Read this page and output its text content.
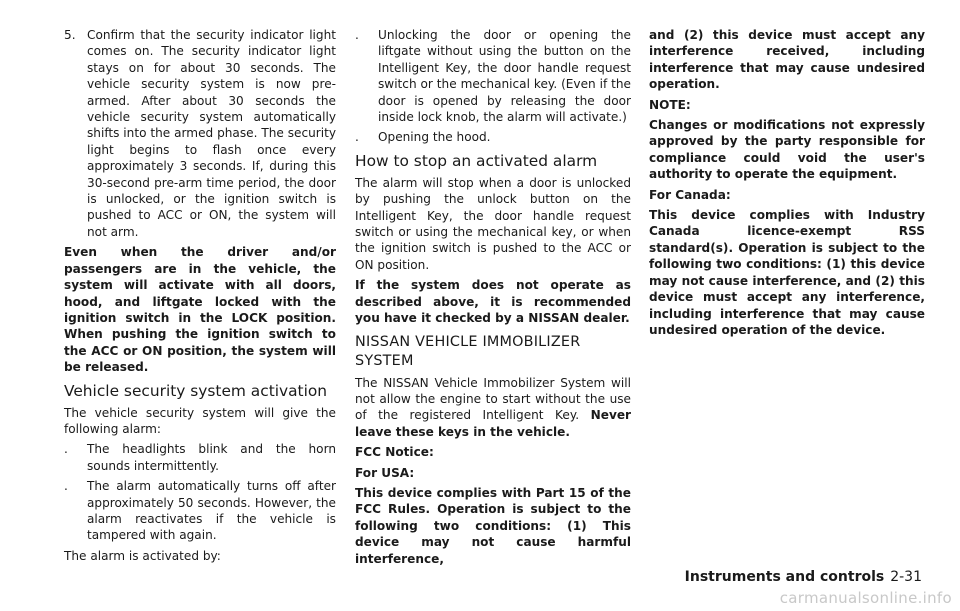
5. Confirm that the security indicator light comes on. The security indicator light stays on for about 30 seconds. The vehicle security system is now pre-armed. After about 30 seconds the vehicle security system automatically shifts into the armed phase. The security light begins to flash once every approximately 3 seconds. If, during this 30-second pre-arm time period, the door is unlocked, or the ignition switch is pushed to ACC or ON, the system will not arm.

Even when the driver and/or passengers are in the vehicle, the system will activate with all doors, hood, and liftgate locked with the ignition switch in the LOCK position. When pushing the ignition switch to the ACC or ON position, the system will be released.

Vehicle security system activation

The vehicle security system will give the following alarm:

.	The headlights blink and the horn sounds intermittently.
.	The alarm automatically turns off after approximately 50 seconds. However, the alarm reactivates if the vehicle is tampered with again.

The alarm is activated by:

.	Unlocking the door or opening the liftgate without using the button on the Intelligent Key, the door handle request switch or the mechanical key. (Even if the door is opened by releasing the door inside lock knob, the alarm will activate.)
.	Opening the hood.
How to stop an activated alarm

The alarm will stop when a door is unlocked by pushing the unlock button on the Intelligent Key, the door handle request switch or using the mechanical key, or when the ignition switch is pushed to the ACC or ON position.

If the system does not operate as described above, it is recommended you have it checked by a NISSAN dealer.

NISSAN VEHICLE IMMOBILIZER SYSTEM

The NISSAN Vehicle Immobilizer System will not allow the engine to start without the use of the registered Intelligent Key. Never leave these keys in the vehicle.

FCC Notice:

For USA:

This device complies with Part 15 of the FCC Rules. Operation is subject to the following two conditions: (1) This device may not cause harmful interference,

and (2) this device must accept any interference received, including interference that may cause undesired operation.

NOTE:

Changes or modifications not expressly approved by the party responsible for compliance could void the user's authority to operate the equipment.

For Canada:

This device complies with Industry Canada licence-exempt RSS standard(s). Operation is subject to the following two conditions: (1) this device may not cause interference, and (2) this device must accept any interference, including interference that may cause undesired operation of the device.

Instruments and controls 2-31
carmanualsonline.info
